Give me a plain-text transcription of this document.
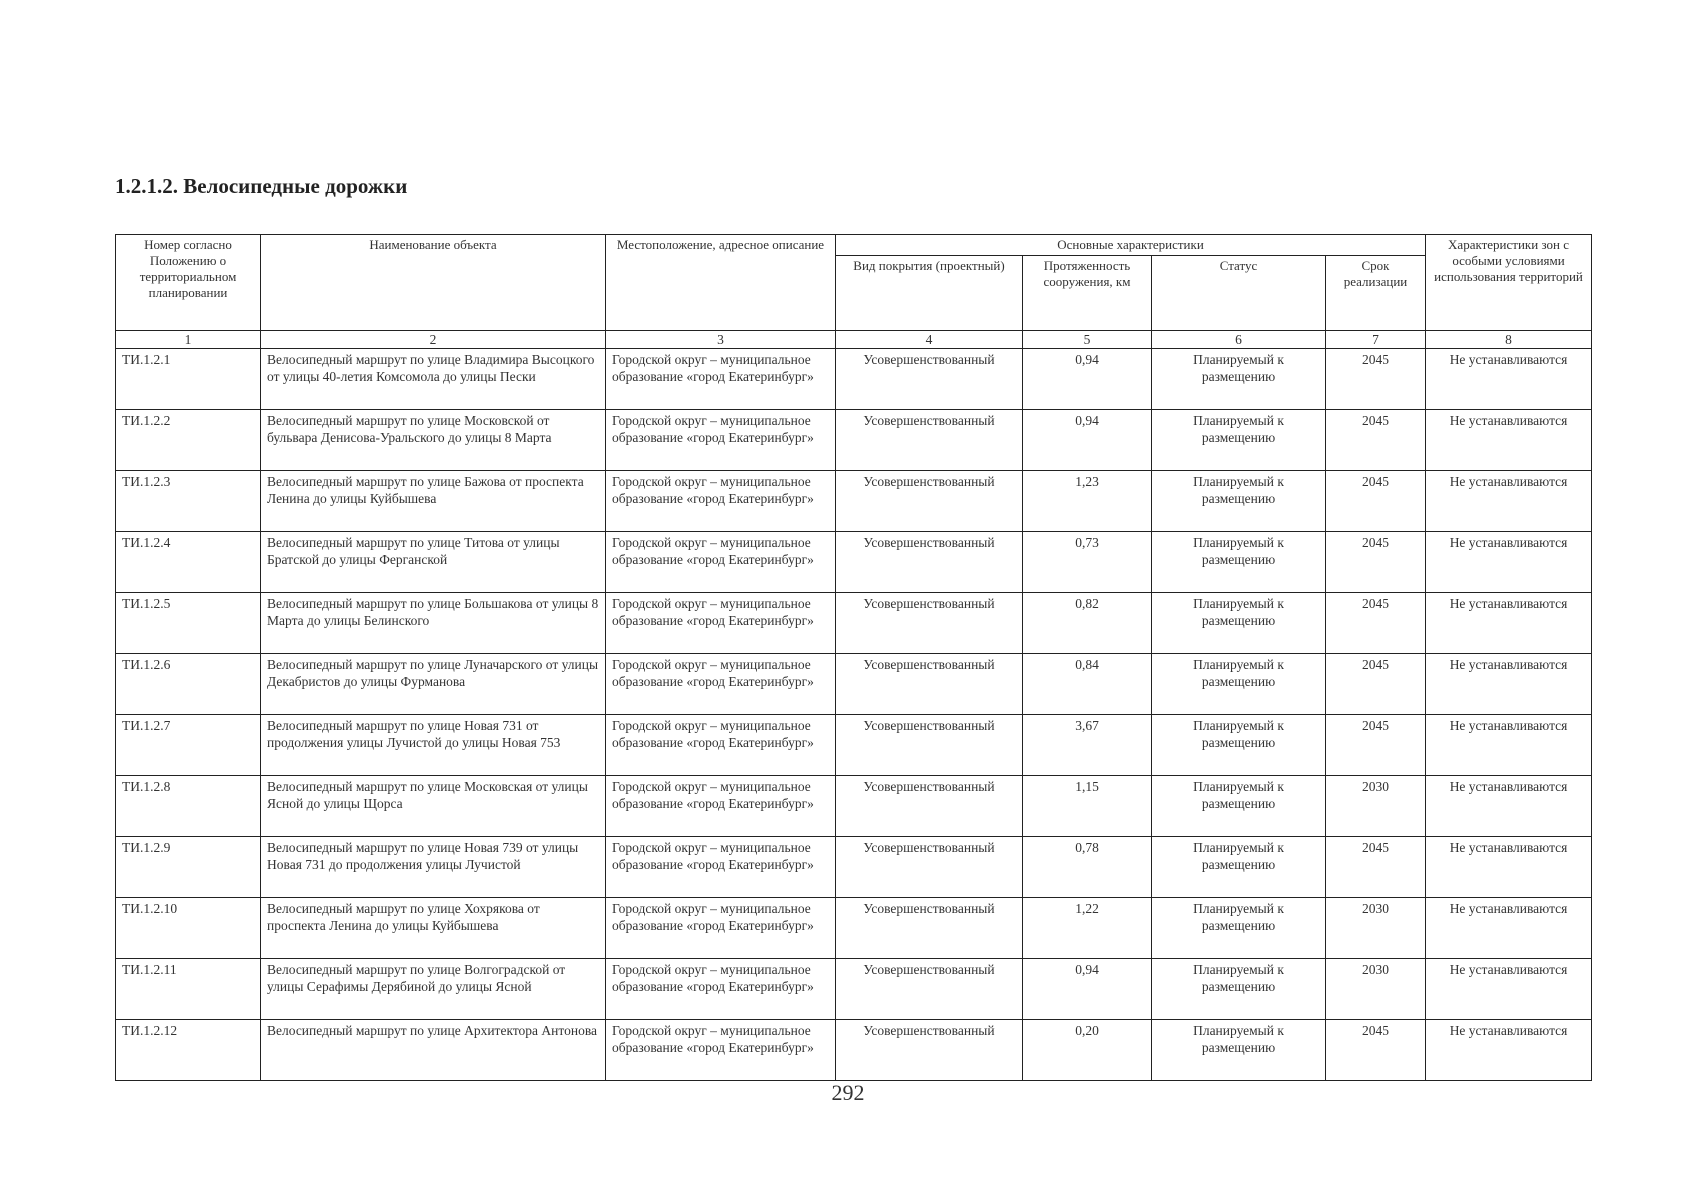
1.2.1.2. Велосипедные дорожки
Номер согласно Положению о территориальном планировании	Наименование объекта	Местоположение, адресное описание	Основные характеристики				Характеристики зон с особыми условиями использования территорий
			Вид покрытия (проектный)	Протяженность сооружения, км	Статус	Срок реализации	
1	2	3	4	5	6	7	8
ТИ.1.2.1	Велосипедный маршрут по улице Владимира Высоцкого от улицы 40-летия Комсомола до улицы Пески	Городской округ – муниципальное образование «город Екатеринбург»	Усовершенствованный	0,94	Планируемый к размещению	2045	Не устанавливаются
ТИ.1.2.2	Велосипедный маршрут по улице Московской от бульвара Денисова-Уральского до улицы 8 Марта	Городской округ – муниципальное образование «город Екатеринбург»	Усовершенствованный	0,94	Планируемый к размещению	2045	Не устанавливаются
ТИ.1.2.3	Велосипедный маршрут по улице Бажова от проспекта Ленина до улицы Куйбышева	Городской округ – муниципальное образование «город Екатеринбург»	Усовершенствованный	1,23	Планируемый к размещению	2045	Не устанавливаются
ТИ.1.2.4	Велосипедный маршрут по улице Титова от улицы Братской до улицы Ферганской	Городской округ – муниципальное образование «город Екатеринбург»	Усовершенствованный	0,73	Планируемый к размещению	2045	Не устанавливаются
ТИ.1.2.5	Велосипедный маршрут по улице Большакова от улицы 8 Марта до улицы Белинского	Городской округ – муниципальное образование «город Екатеринбург»	Усовершенствованный	0,82	Планируемый к размещению	2045	Не устанавливаются
ТИ.1.2.6	Велосипедный маршрут по улице Луначарского от улицы Декабристов до улицы Фурманова	Городской округ – муниципальное образование «город Екатеринбург»	Усовершенствованный	0,84	Планируемый к размещению	2045	Не устанавливаются
ТИ.1.2.7	Велосипедный маршрут по улице Новая 731 от продолжения улицы Лучистой до улицы Новая 753	Городской округ – муниципальное образование «город Екатеринбург»	Усовершенствованный	3,67	Планируемый к размещению	2045	Не устанавливаются
ТИ.1.2.8	Велосипедный маршрут по улице Московская от улицы Ясной до улицы Щорса	Городской округ – муниципальное образование «город Екатеринбург»	Усовершенствованный	1,15	Планируемый к размещению	2030	Не устанавливаются
ТИ.1.2.9	Велосипедный маршрут по улице Новая 739 от улицы Новая 731 до продолжения улицы Лучистой	Городской округ – муниципальное образование «город Екатеринбург»	Усовершенствованный	0,78	Планируемый к размещению	2045	Не устанавливаются
ТИ.1.2.10	Велосипедный маршрут по улице Хохрякова от проспекта Ленина до улицы Куйбышева	Городской округ – муниципальное образование «город Екатеринбург»	Усовершенствованный	1,22	Планируемый к размещению	2030	Не устанавливаются
ТИ.1.2.11	Велосипедный маршрут по улице Волгоградской от улицы Серафимы Дерябиной до улицы Ясной	Городской округ – муниципальное образование «город Екатеринбург»	Усовершенствованный	0,94	Планируемый к размещению	2030	Не устанавливаются
ТИ.1.2.12	Велосипедный маршрут по улице Архитектора Антонова	Городской округ – муниципальное образование «город Екатеринбург»	Усовершенствованный	0,20	Планируемый к размещению	2045	Не устанавливаются
292
